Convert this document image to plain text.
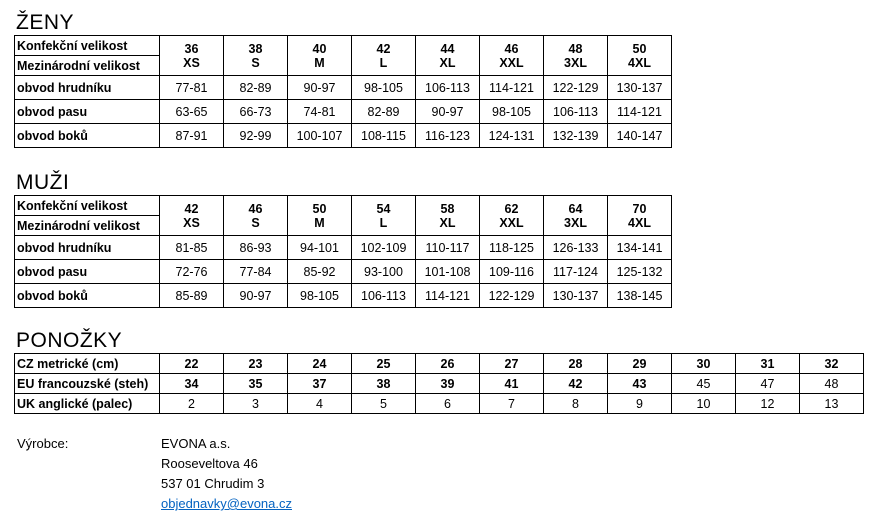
ŽENY
Konfekční velikost	36	38	40	42	44	46	48	50
Mezinárodní velikost	XS	S	M	L	XL	XXL	3XL	4XL
obvod hrudníku	77-81	82-89	90-97	98-105	106-113	114-121	122-129	130-137
obvod pasu	63-65	66-73	74-81	82-89	90-97	98-105	106-113	114-121
obvod boků	87-91	92-99	100-107	108-115	116-123	124-131	132-139	140-147
MUŽI
Konfekční velikost	42	46	50	54	58	62	64	70
Mezinárodní velikost	XS	S	M	L	XL	XXL	3XL	4XL
obvod hrudníku	81-85	86-93	94-101	102-109	110-117	118-125	126-133	134-141
obvod pasu	72-76	77-84	85-92	93-100	101-108	109-116	117-124	125-132
obvod boků	85-89	90-97	98-105	106-113	114-121	122-129	130-137	138-145
PONOŽKY
CZ metrické (cm)	22	23	24	25	26	27	28	29	30	31	32
EU francouzské (steh)	34	35	37	38	39	41	42	43	45	47	48
UK anglické (palec)	2	3	4	5	6	7	8	9	10	12	13
Výrobce:	EVONA a.s.
Rooseveltova 46
537 01 Chrudim 3
objednavky@evona.cz
